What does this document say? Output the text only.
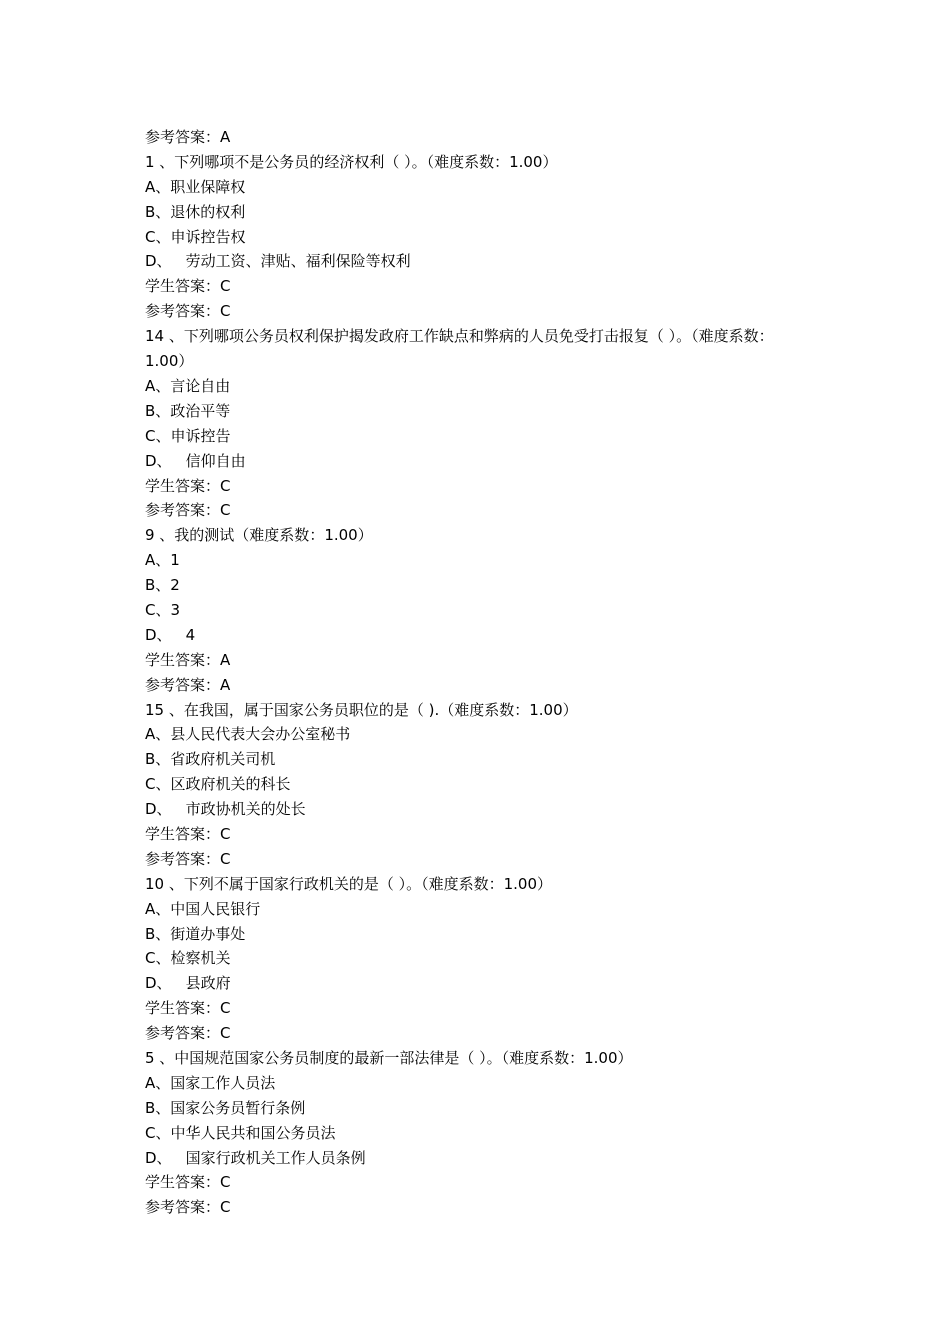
参考答案：A
1 、下列哪项不是公务员的经济权利（ ）。（难度系数：1.00）
A、职业保障权
B、退休的权利
C、申诉控告权
D、 劳动工资、津贴、福利保险等权利
学生答案：C
参考答案：C
14 、下列哪项公务员权利保护揭发政府工作缺点和弊病的人员免受打击报复（ ）。（难度系数：1.00）
A、言论自由
B、政治平等
C、申诉控告
D、 信仰自由
学生答案：C
参考答案：C
9 、我的测试（难度系数：1.00）
A、1
B、2
C、3
D、 4
学生答案：A
参考答案：A
15 、在我国，属于国家公务员职位的是（ ).（难度系数：1.00）
A、县人民代表大会办公室秘书
B、省政府机关司机
C、区政府机关的科长
D、 市政协机关的处长
学生答案：C
参考答案：C
10 、下列不属于国家行政机关的是（ ）。（难度系数：1.00）
A、中国人民银行
B、街道办事处
C、检察机关
D、 县政府
学生答案：C
参考答案：C
5 、中国规范国家公务员制度的最新一部法律是（ ）。（难度系数：1.00）
A、国家工作人员法
B、国家公务员暂行条例
C、中华人民共和国公务员法
D、 国家行政机关工作人员条例
学生答案：C
参考答案：C
